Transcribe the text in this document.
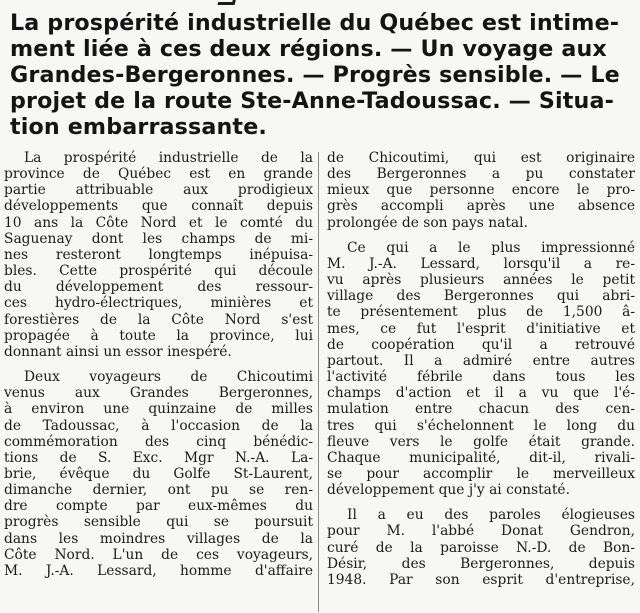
La prospérité industrielle du Québec est intime-
ment liée à ces deux régions. — Un voyage aux
Grandes-Bergeronnes. — Progrès sensible. — Le
projet de la route Ste-Anne-Tadoussac. — Situa-
tion embarrassante.
La prospérité industrielle de la
province de Québec est en grande
partie attribuable aux prodigieux
développements que connaît depuis
10 ans la Côte Nord et le comté du
Saguenay dont les champs de mi-
nes resteront longtemps inépuisa-
bles. Cette prospérité qui découle
du développement des ressour-
ces hydro-électriques, minières et
forestières de la Côte Nord s'est
propagée à toute la province, lui
donnant ainsi un essor inespéré.
Deux voyageurs de Chicoutimi
venus aux Grandes Bergeronnes,
à environ une quinzaine de milles
de Tadoussac, à l'occasion de la
commémoration des cinq bénédic-
tions de S. Exc. Mgr N.-A. La-
brie, évêque du Golfe St-Laurent,
dimanche dernier, ont pu se ren-
dre compte par eux-mêmes du
progrès sensible qui se poursuit
dans les moindres villages de la
Côte Nord. L'un de ces voyageurs,
M. J.-A. Lessard, homme d'affaire
de Chicoutimi, qui est originaire
des Bergeronnes a pu constater
mieux que personne encore le pro-
grès accompli après une absence
prolongée de son pays natal.
Ce qui a le plus impressionné
M. J.-A. Lessard, lorsqu'il a re-
vu après plusieurs années le petit
village des Bergeronnes qui abri-
te présentement plus de 1,500 â-
mes, ce fut l'esprit d'initiative et
de coopération qu'il a retrouvé
partout. Il a admiré entre autres
l'activité fébrile dans tous les
champs d'action et il a vu que l'é-
mulation entre chacun des cen-
tres qui s'échelonnent le long du
fleuve vers le golfe était grande.
Chaque municipalité, dit-il, rivali-
se pour accomplir le merveilleux
développement que j'y ai constaté.
Il a eu des paroles élogieuses
pour M. l'abbé Donat Gendron,
curé de la paroisse N.-D. de Bon-
Désir, des Bergeronnes, depuis
1948. Par son esprit d'entreprise,
